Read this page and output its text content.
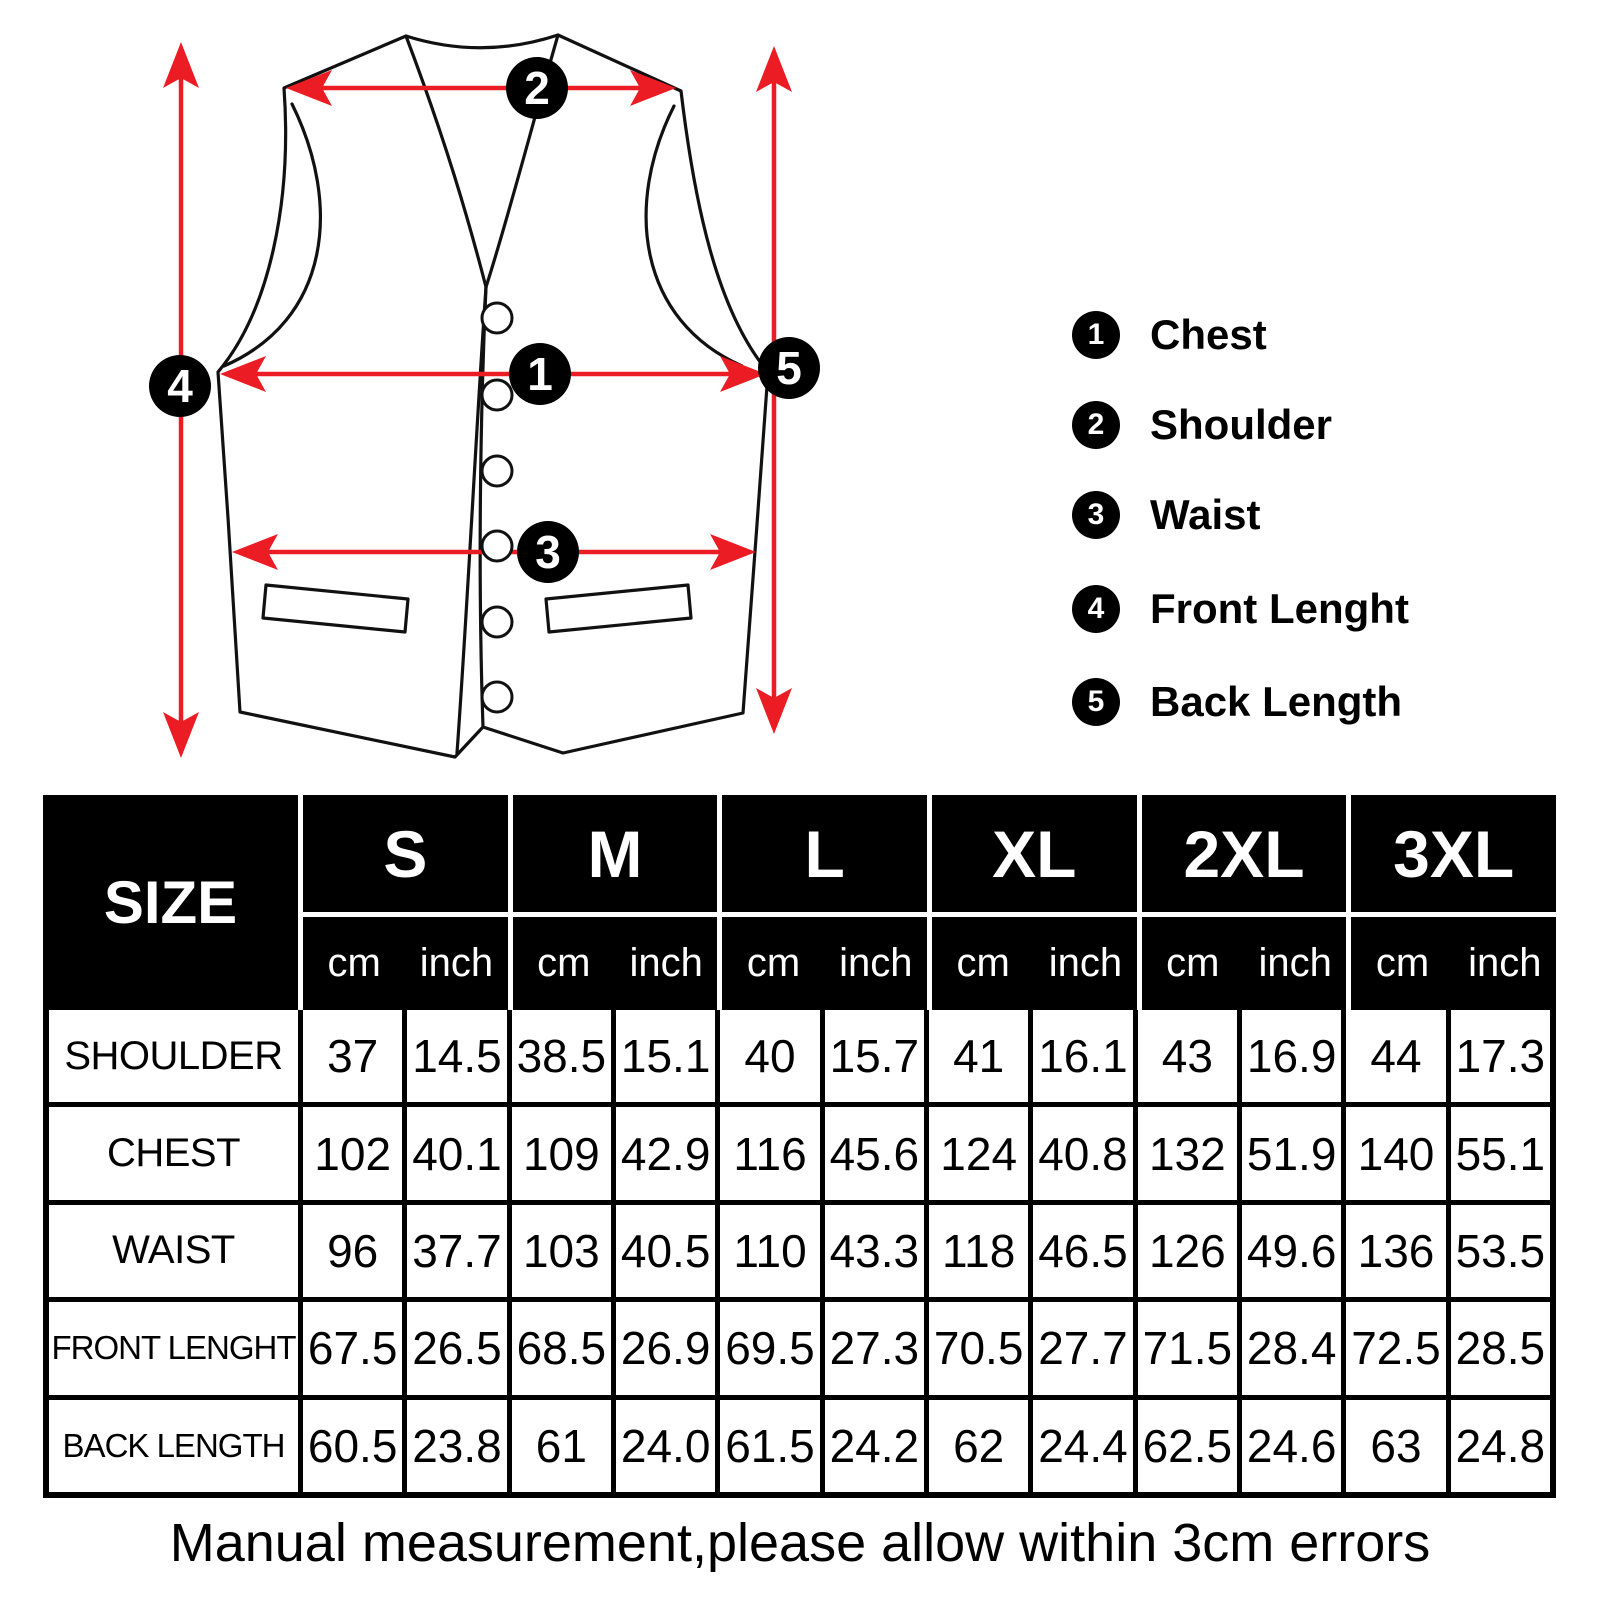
1
2
3
4	5
1 Chest
2 Shoulder
3 Waist
4 Front Lenght
5 Back Length
SIZE
S	M	L	XL	2XL	3XL
cm inch	cm inch	cm inch	cm inch	cm inch	cm inch
SHOULDER 37 14.5 38.5 15.1 40 15.7 41 16.1 43 16.9 44 17.3
CHEST	102 40.1 109 42.9 116 45.6 124 40.8 132 51.9 140 55.1
WAIST	96 37.7 103 40.5 110 43.3 118 46.5 126 49.6 136 53.5
FRONT LENGHT 67.5 26.5 68.5 26.9 69.5 27.3 70.5 27.7 71.5 28.4 72.5 28.5
BACK LENGTH 60.5 23.8 61 24.0 61.5 24.2 62 24.4 62.5 24.6 63 24.8
Manual measurement,please allow within 3cm errors
